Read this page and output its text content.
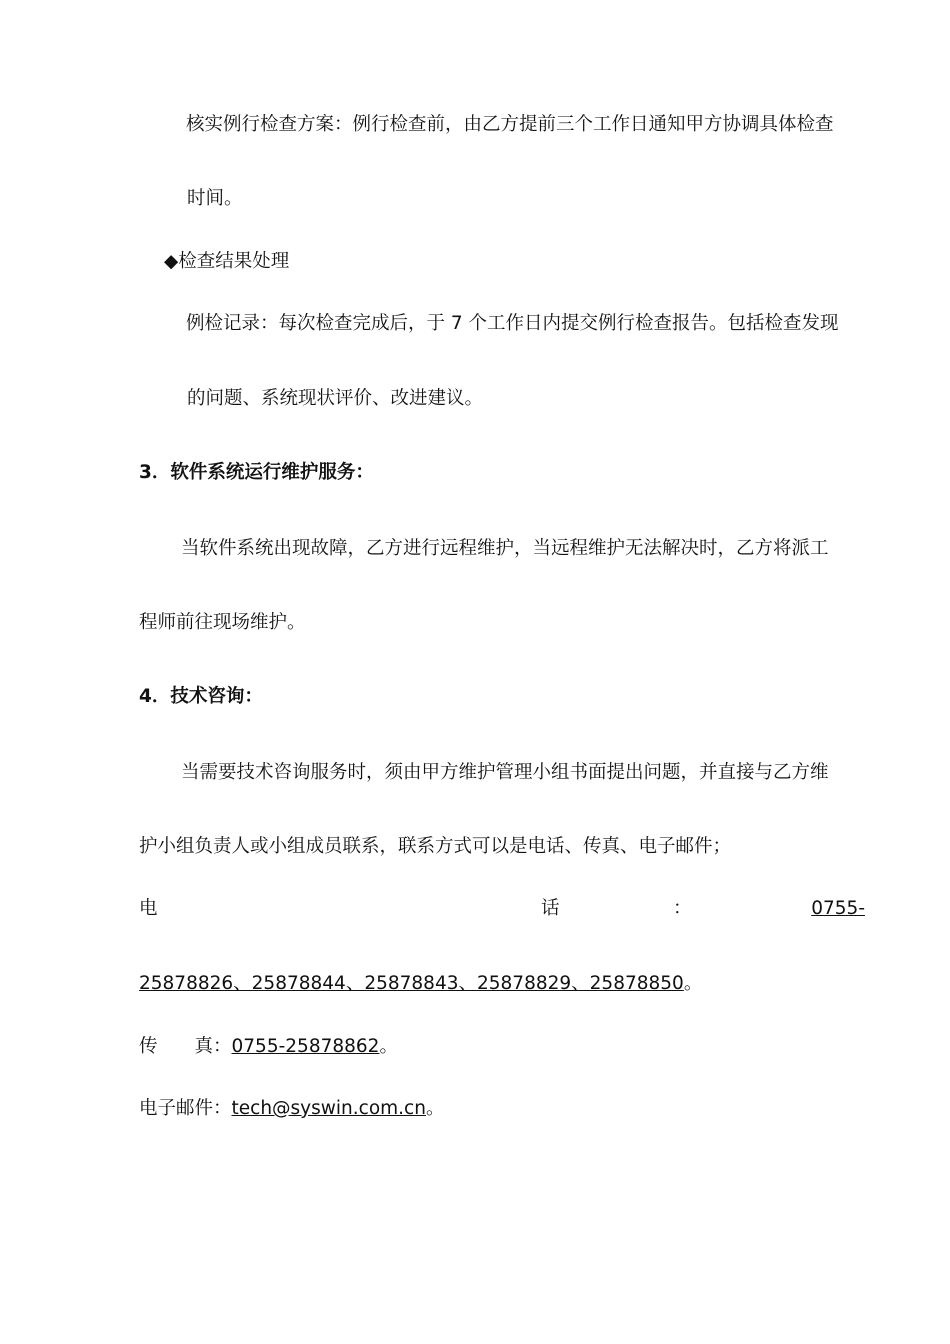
核实例行检查方案：例行检查前，由乙方提前三个工作日通知甲方协调具体检查
时间。
◆检查结果处理
例检记录：每次检查完成后，于 7 个工作日内提交例行检查报告。包括检查发现
的问题、系统现状评价、改进建议。
3．软件系统运行维护服务：
当软件系统出现故障，乙方进行远程维护，当远程维护无法解决时，乙方将派工
程师前往现场维护。
4．技术咨询：
当需要技术咨询服务时，须由甲方维护管理小组书面提出问题，并直接与乙方维
护小组负责人或小组成员联系，联系方式可以是电话、传真、电子邮件；
电	话	：	0755-
25878826、25878844、25878843、25878829、25878850。
传　　真：0755-25878862。
电子邮件：tech@syswin.com.cn。
